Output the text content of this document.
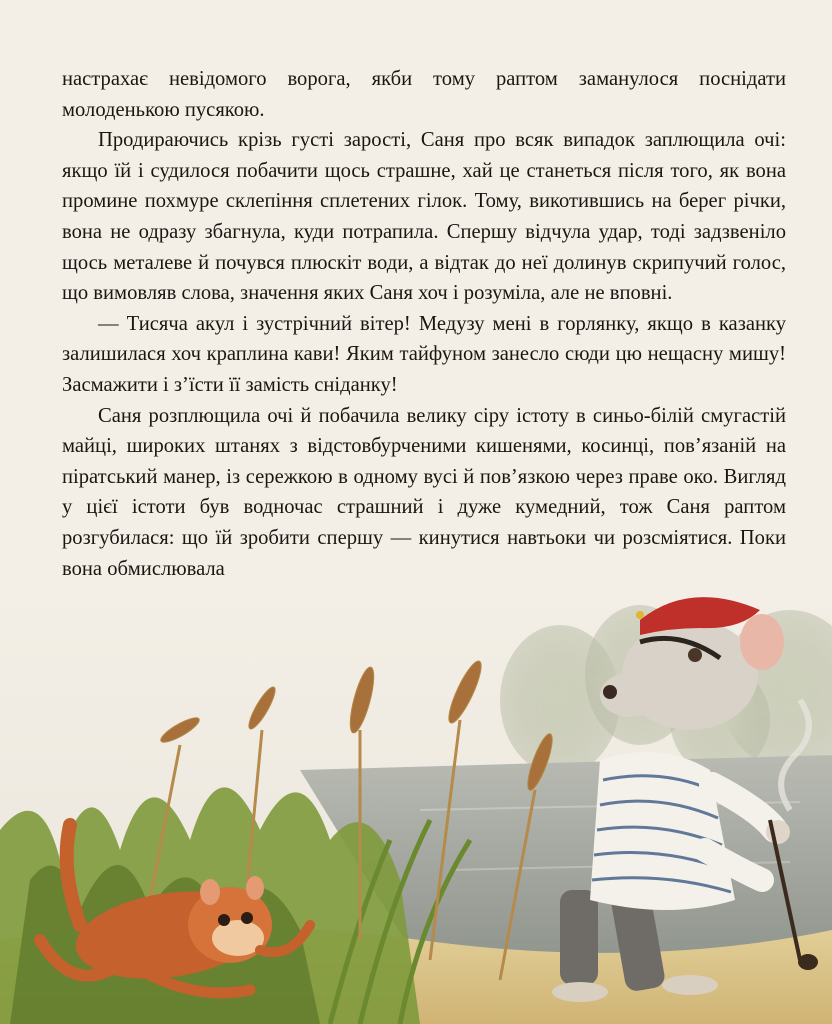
настрахає невідомого ворога, якби тому раптом заманулося поснідати молоденькою пусякою.

Продираючись крізь густі зарості, Саня про всяк випадок заплющила очі: якщо їй і судилося побачити щось страшне, хай це станеться після того, як вона промине похмуре склепіння сплетених гілок. Тому, викотившись на берег річки, вона не одразу збагнула, куди потрапила. Спершу відчула удар, тоді задзвеніло щось металеве й почувся плюскіт води, а відтак до неї долинув скрипучий голос, що вимовляв слова, значення яких Саня хоч і розуміла, але не вповні.

— Тисяча акул і зустрічний вітер! Медузу мені в горлянку, якщо в казанку залишилася хоч краплина кави! Яким тайфуном занесло сюди цю нещасну мишу! Засмажити і з’їсти її замість сніданку!

Саня розплющила очі й побачила велику сіру істоту в синьо-білій смугастій майці, широких штанях з відстовбурченими кишенями, косинці, пов’язаній на піратський манер, із сережкою в одному вусі й пов’язкою через праве око. Вигляд у цієї істоти був водночас страшний і дуже кумедний, тож Саня раптом розгубилася: що їй зробити спершу — кинутися навтьоки чи розсміятися. Поки вона обмислювала
